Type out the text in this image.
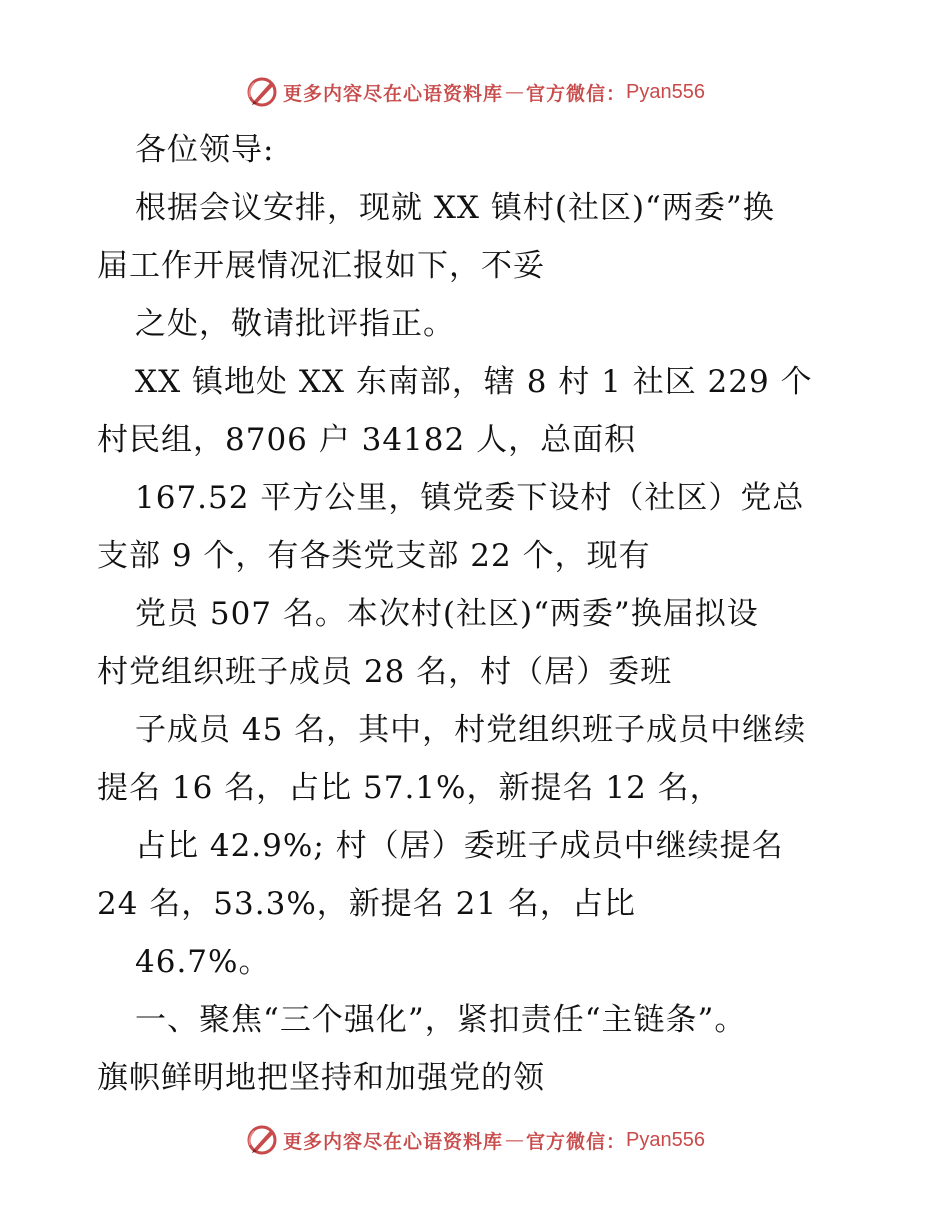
更多内容尽在心语资料库 — 官方微信： Pyan556
各位领导:
根据会议安排，现就 XX 镇村(社区)“两委”换
届工作开展情况汇报如下，不妥
之处，敬请批评指正。
XX 镇地处 XX 东南部，辖 8 村 1 社区 229 个
村民组，8706 户 34182 人，总面积
167.52 平方公里，镇党委下设村（社区）党总
支部 9 个，有各类党支部 22 个，现有
党员 507 名。本次村(社区)“两委”换届拟设
村党组织班子成员 28 名，村（居）委班
子成员 45 名，其中，村党组织班子成员中继续
提名 16 名，占比 57.1%，新提名 12 名，
占比 42.9%; 村（居）委班子成员中继续提名
24 名，53.3%，新提名 21 名，占比
46.7%。
一、聚焦“三个强化”，紧扣责任“主链条”。
旗帜鲜明地把坚持和加强党的领
更多内容尽在心语资料库 — 官方微信： Pyan556
